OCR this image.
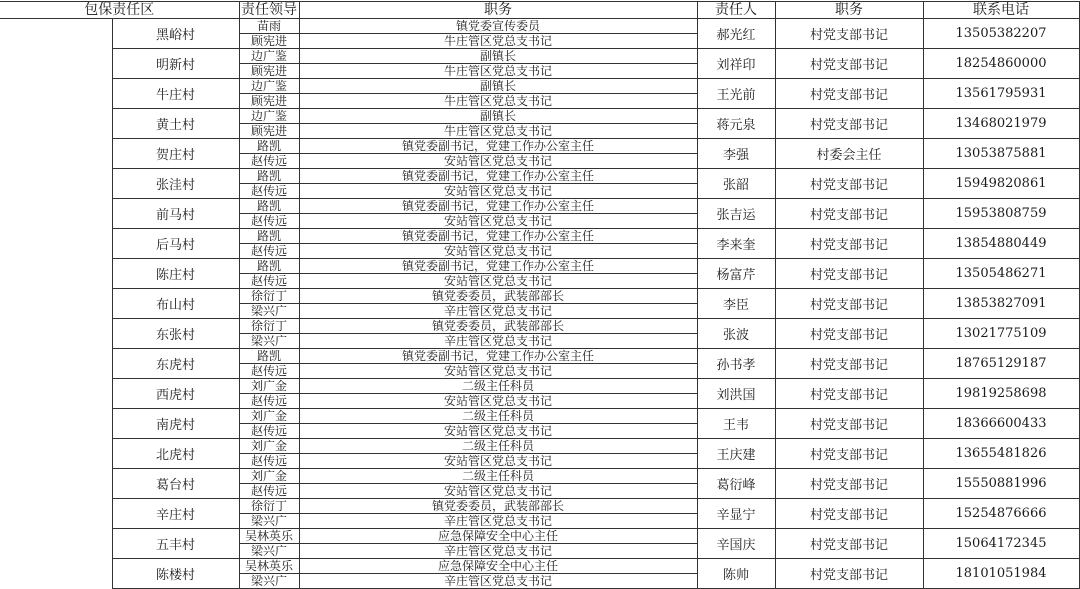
包保责任区		责任领导	职务	责任人	职务	联系电话
	黑峪村	苗雨	镇党委宣传委员	郝光红	村党支部书记	13505382207
		顾宪进	牛庄管区党总支书记			
	明新村	边广鉴	副镇长	刘祥印	村党支部书记	18254860000
		顾宪进	牛庄管区党总支书记			
	牛庄村	边广鉴	副镇长	王光前	村党支部书记	13561795931
		顾宪进	牛庄管区党总支书记			
	黄土村	边广鉴	副镇长	蒋元泉	村党支部书记	13468021979
		顾宪进	牛庄管区党总支书记			
	贺庄村	路凯	镇党委副书记，党建工作办公室主任	李强	村委会主任	13053875881
		赵传远	安站管区党总支书记			
	张洼村	路凯	镇党委副书记，党建工作办公室主任	张韶	村党支部书记	15949820861
		赵传远	安站管区党总支书记			
	前马村	路凯	镇党委副书记，党建工作办公室主任	张吉运	村党支部书记	15953808759
		赵传远	安站管区党总支书记			
	后马村	路凯	镇党委副书记，党建工作办公室主任	李来奎	村党支部书记	13854880449
		赵传远	安站管区党总支书记			
	陈庄村	路凯	镇党委副书记，党建工作办公室主任	杨富芹	村党支部书记	13505486271
		赵传远	安站管区党总支书记			
	布山村	徐衍丁	镇党委委员，武装部部长	李臣	村党支部书记	13853827091
		梁兴广	辛庄管区党总支书记			
	东张村	徐衍丁	镇党委委员，武装部部长	张波	村党支部书记	13021775109
		梁兴广	辛庄管区党总支书记			
	东虎村	路凯	镇党委副书记，党建工作办公室主任	孙书孝	村党支部书记	18765129187
		赵传远	安站管区党总支书记			
	西虎村	刘广金	二级主任科员	刘洪国	村党支部书记	19819258698
		赵传远	安站管区党总支书记			
	南虎村	刘广金	二级主任科员	王韦	村党支部书记	18366600433
		赵传远	安站管区党总支书记			
	北虎村	刘广金	二级主任科员	王庆建	村党支部书记	13655481826
		赵传远	安站管区党总支书记			
	葛台村	刘广金	二级主任科员	葛衍峰	村党支部书记	15550881996
		赵传远	安站管区党总支书记			
	辛庄村	徐衍丁	镇党委委员，武装部部长	辛显宁	村党支部书记	15254876666
		梁兴广	辛庄管区党总支书记			
	五丰村	吴林英乐	应急保障安全中心主任	辛国庆	村党支部书记	15064172345
		梁兴广	辛庄管区党总支书记			
	陈楼村	吴林英乐	应急保障安全中心主任	陈帅	村党支部书记	18101051984
		梁兴广	辛庄管区党总支书记			
